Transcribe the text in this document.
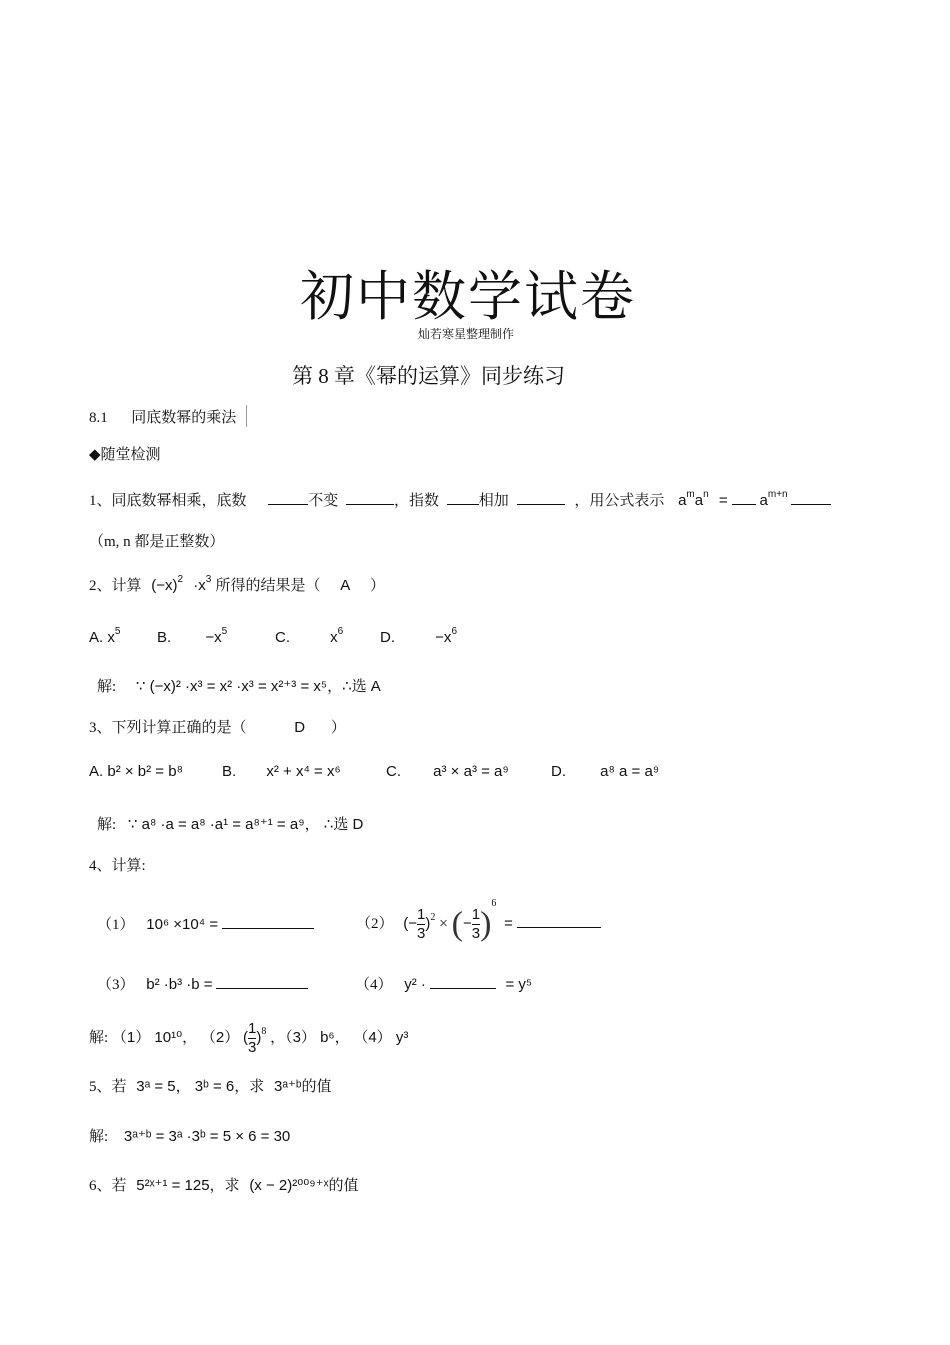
初中数学试卷
灿若寒星整理制作
第 8 章《幂的运算》同步练习
8.1 同底数幂的乘法
◆随堂检测
1、同底数幂相乘，底数	不变	，指数	相加	，用公式表示 $a^ma^n = a^{m+n}$
（m, n 都是正整数）
2、计算 $(-x)^2 \cdot x^3$ 所得的结果是（ A ）
A. $x^5$ B. $-x^5$	C.	$x^6$ D.	$-x^6$
解: ∵ (−x)² ·x³ = x² ·x³ = x²⁺³ = x⁵，∴选 A
3、下列计算正确的是（	D ）
A. b² × b² = b⁸	B. x² + x⁴ = x⁶	C. a³ × a³ = a⁹	D. a⁸ a = a⁹
解: ∵ a⁸ ·a = a⁸ ·a¹ = a⁸⁺¹ = a⁹， ∴选 D
4、计算:
（1） 10⁶ ×10⁴ =	（2） (− $\frac{1}{3} )^2$ × (− $\frac{1}{3} )^6$ =
（3） b² ·b³ ·b =	（4） y² ·	= y⁵
解: （1） 10¹⁰， （2） ( $\frac{1}{3} )^8$ ，（3） b⁶， （4） y³
5、若 3ᵃ = 5， 3ᵇ = 6，求 3ᵃ⁺ᵇ的值
解: 3ᵃ⁺ᵇ = 3ᵃ ·3ᵇ = 5 × 6 = 30
6、若 5²ˣ⁺¹ = 125，求 (x − 2)²⁰⁰⁹⁺ˣ的值
